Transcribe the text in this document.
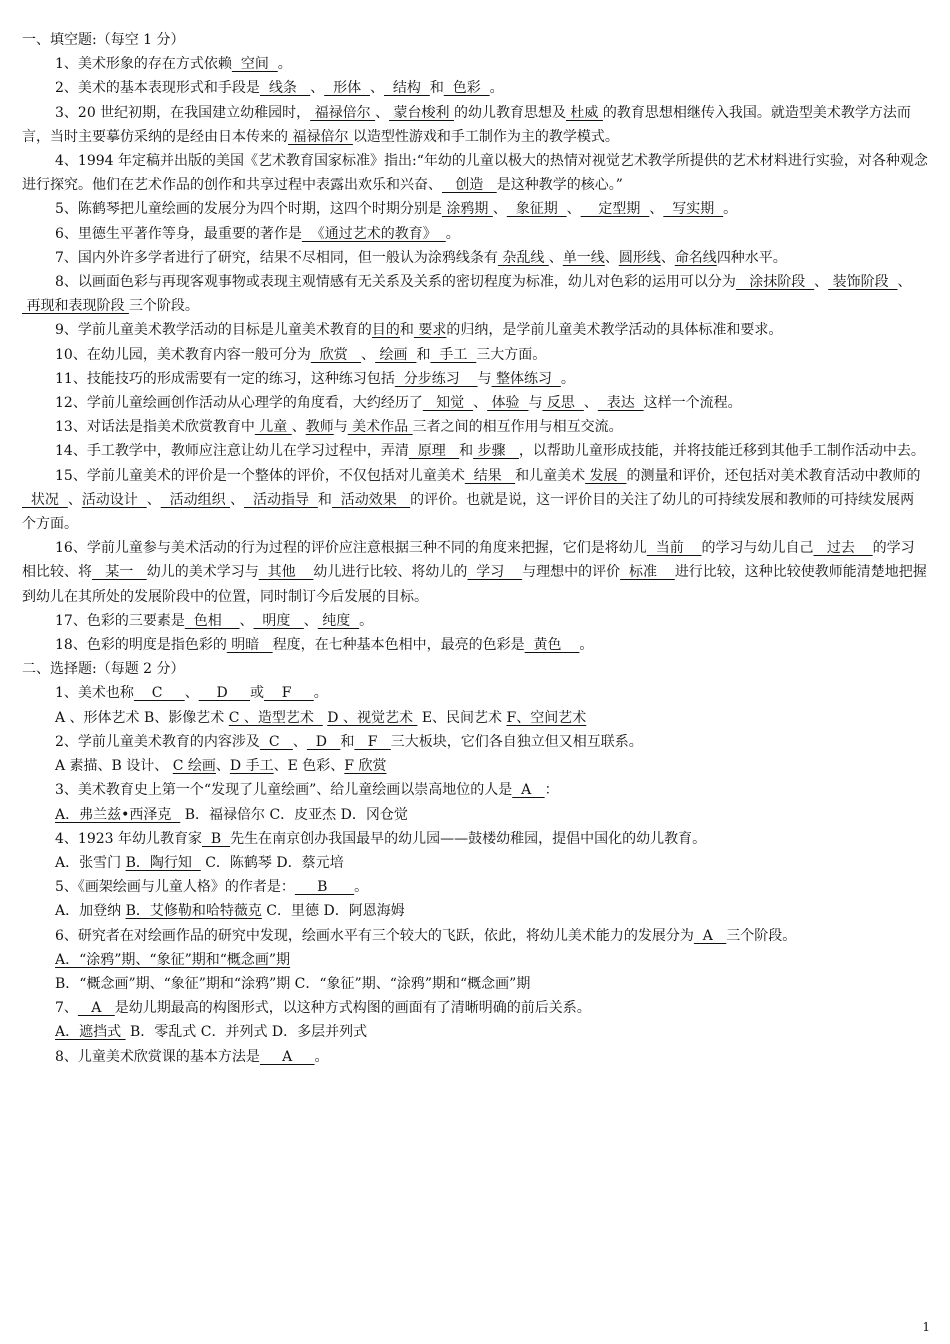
一、填空题:（每空 1 分）

1、美术形象的存在方式依赖  空间  。

2、美术的基本表现形式和手段是  线条   、  形体  、  结构  和  色彩  。

3、20 世纪初期，在我国建立幼稚园时， 福禄倍尔 、 蒙台梭利 的幼儿教育思想及 杜威 的教育思想相继传入我国。就造型美术教学方法而言，当时主要摹仿采纳的是经由日本传来的 福禄倍尔 以造型性游戏和手工制作为主的教学模式。

4、1994 年定稿并出版的美国《艺术教育国家标准》指出:“年幼的儿童以极大的热情对视觉艺术教学所提供的艺术材料进行实验，对各种观念进行探究。他们在艺术作品的创作和共享过程中表露出欢乐和兴奋、   创造   是这种教学的核心。”

5、陈鹤琴把儿童绘画的发展分为四个时期，这四个时期分别是 涂鸦期 、  象征期  、    定型期  、  写实期  。

6、里德生平著作等身，最重要的著作是  《通过艺术的教育》  。

7、国内外许多学者进行了研究，结果不尽相同，但一般认为涂鸦线条有 杂乱线 、单一线、圆形线、命名线四种水平。

8、以画面色彩与再现客观事物或表现主观情感有无关系及关系的密切程度为标准，幼儿对色彩的运用可以分为   涂抹阶段  、 装饰阶段  、 再现和表现阶段 三个阶段。

9、学前儿童美术教学活动的目标是儿童美术教育的目的和 要求的归纳，是学前儿童美术教学活动的具体标准和要求。

10、在幼儿园，美术教育内容一般可分为  欣赏   、 绘画  和  手工  三大方面。

11、技能技巧的形成需要有一定的练习，这种练习包括  分步练习    与 整体练习  。

12、学前儿童绘画创作活动从心理学的角度看，大约经历了   知觉  、 体验  与 反思  、  表达  这样一个流程。

13、对话法是指美术欣赏教育中 儿童 、教师与 美术作品 三者之间的相互作用与相互交流。

14、手工教学中，教师应注意让幼儿在学习过程中，弄清  原理   和 步骤   ，以帮助儿童形成技能，并将技能迁移到其他手工制作活动中去。

15、学前儿童美术的评价是一个整体的评价，不仅包括对儿童美术  结果   和儿童美术 发展  的测量和评价，还包括对美术教育活动中教师的  状况  、活动设计  、  活动组织 、  活动指导  和  活动效果   的评价。也就是说，这一评价目的关注了幼儿的可持续发展和教师的可持续发展两个方面。

16、学前儿童参与美术活动的行为过程的评价应注意根据三种不同的角度来把握，它们是将幼儿  当前    的学习与幼儿自己   过去    的学习相比较、将   某一   幼儿的美术学习与  其他    幼儿进行比较、将幼儿的  学习    与理想中的评价  标准    进行比较，这种比较使教师能清楚地把握到幼儿在其所处的发展阶段中的位置，同时制订今后发展的目标。

17、色彩的三要素是  色相    、  明度   、 纯度  。

18、色彩的明度是指色彩的 明暗   程度，在七种基本色相中，最亮的色彩是  黄色    。

二、选择题:（每题 2 分）

1、美术也称    C     、    D     或    F     。

A 、形体艺术 B、影像艺术 C 、造型艺术   D 、视觉艺术  E、民间艺术 F、空间艺术

2、学前儿童美术教育的内容涉及  C   、  D   和   F   三大板块，它们各自独立但又相互联系。

A 素描、B 设计、 C 绘画、D 手工、E 色彩、F 欣赏

3、美术教育史上第一个“发现了儿童绘画”、给儿童绘画以崇高地位的人是  A   ：

A．弗兰兹•西泽克   B．福禄倍尔 C．皮亚杰 D．冈仓觉

4、1923 年幼儿教育家  B  先生在南京创办我国最早的幼儿园——鼓楼幼稚园，提倡中国化的幼儿教育。

A．张雪门 B．陶行知   C．陈鹤琴 D．蔡元培

5、《画架绘画与儿童人格》的作者是：     B      。

A．加登纳 B．艾修勒和哈特薇克 C．里德 D．阿恩海姆

6、研究者在对绘画作品的研究中发现，绘画水平有三个较大的飞跃，依此，将幼儿美术能力的发展分为  A   三个阶段。

A．“涂鸦”期、“象征”期和“概念画”期

B．“概念画”期、“象征”期和“涂鸦”期 C．“象征”期、“涂鸦”期和“概念画”期

7、   A   是幼儿期最高的构图形式，以这种方式构图的画面有了清晰明确的前后关系。

A．遮挡式  B．零乱式 C．并列式 D．多层并列式

8、儿童美术欣赏课的基本方法是     A     。

1
